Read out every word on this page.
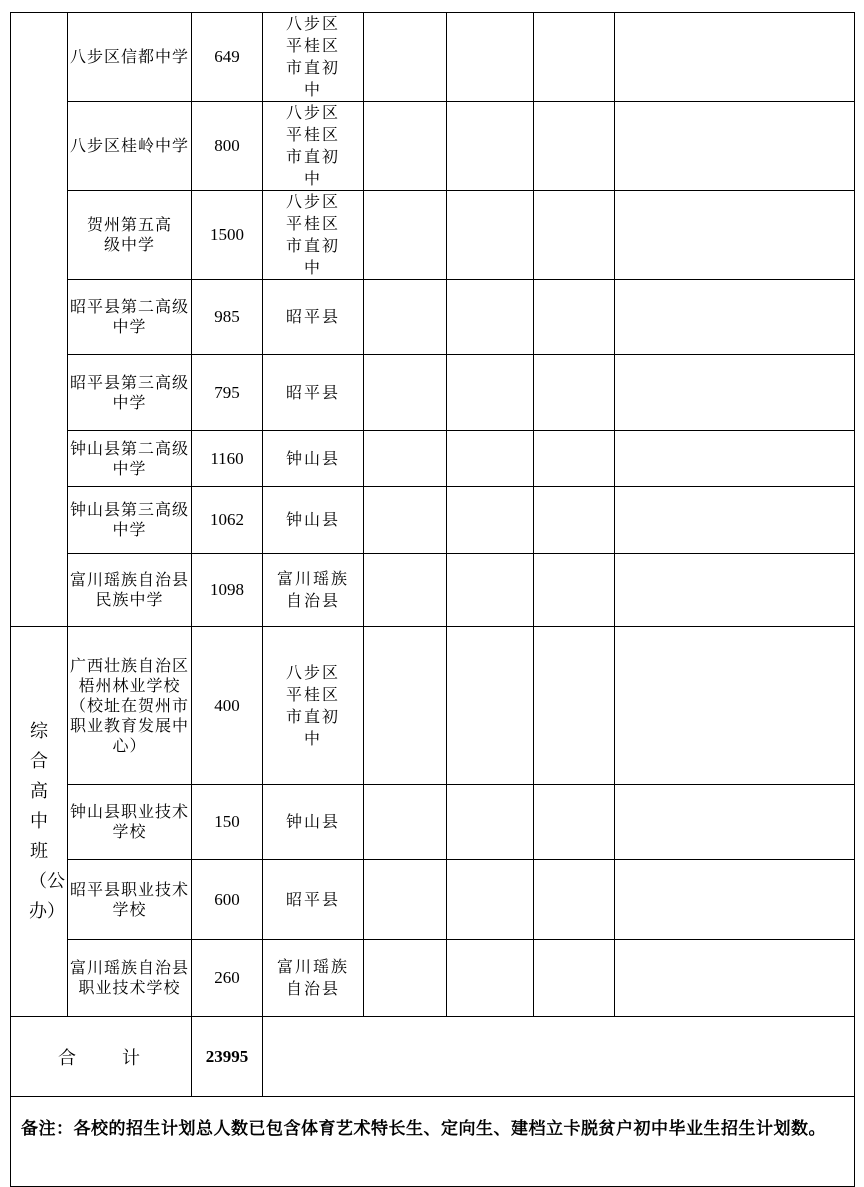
	八步区信都中学	649	八步区平桂区市直初中				
	八步区桂岭中学	800	八步区平桂区市直初中				
	贺州第五高级中学	1500	八步区平桂区市直初中				
	昭平县第二高级中学	985	昭平县				
	昭平县第三高级中学	795	昭平县				
	钟山县第二高级中学	1160	钟山县				
	钟山县第三高级中学	1062	钟山县				
	富川瑶族自治县民族中学	1098	富川瑶族自治县				

综合高中班（公办）	广西壮族自治区梧州林业学校（校址在贺州市职业教育发展中心）	400	八步区平桂区市直初中				
	钟山县职业技术学校	150	钟山县				
	昭平县职业技术学校	600	昭平县				
	富川瑶族自治县职业技术学校	260	富川瑶族自治县				
合 计		23995					
备注：各校的招生计划总人数已包含体育艺术特长生、定向生、建档立卡脱贫户初中毕业生招生计划数。							
